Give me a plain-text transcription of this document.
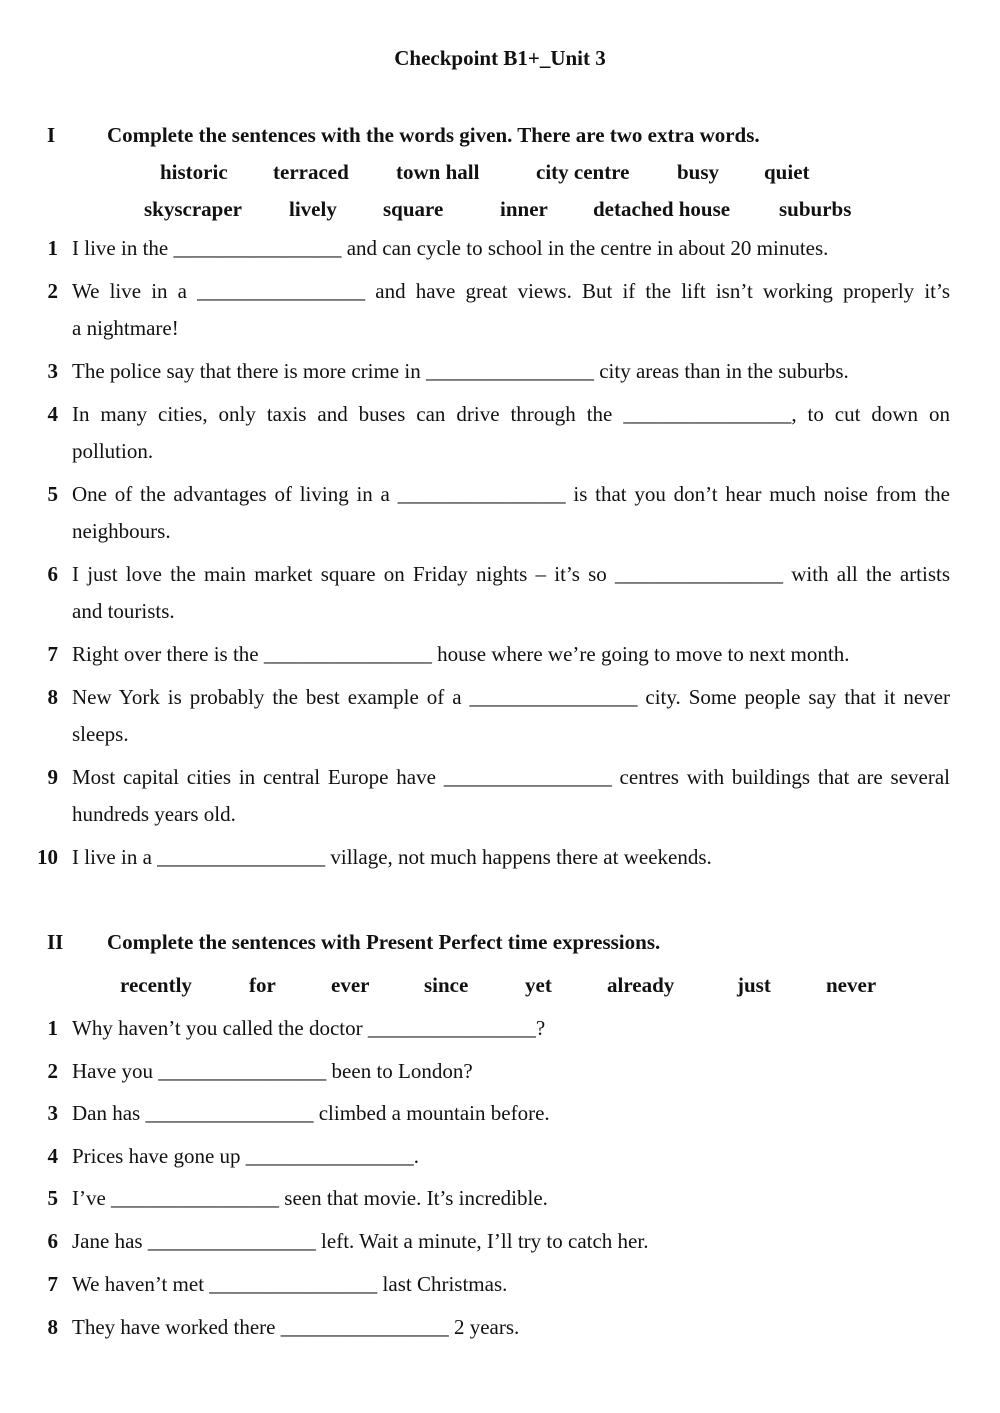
Checkpoint B1+_Unit 3
I Complete the sentences with the words given. There are two extra words.
historic terraced town hall	city centre busy quiet
skyscraper lively square	inner detached house suburbs
1 I live in the ________________ and can cycle to school in the centre in about 20 minutes.
2 We live in a ________________ and have great views. But if the lift isn’t working properly it’s
a nightmare!
3 The police say that there is more crime in ________________ city areas than in the suburbs.
4 In many cities, only taxis and buses can drive through the ________________, to cut down on
pollution.
5 One of the advantages of living in a ________________ is that you don’t hear much noise from the
neighbours.
6 I just love the main market square on Friday nights – it’s so ________________ with all the artists
and tourists.
7 Right over there is the ________________ house where we’re going to move to next month.
8 New York is probably the best example of a ________________ city. Some people say that it never
sleeps.
9 Most capital cities in central Europe have ________________ centres with buildings that are several
hundreds years old.
10 I live in a ________________ village, not much happens there at weekends.
II Complete the sentences with Present Perfect time expressions.
recently	for	ever	since	yet	already	just	never
1 Why haven’t you called the doctor ________________?
2 Have you ________________ been to London?
3 Dan has ________________ climbed a mountain before.
4 Prices have gone up ________________.
5 I’ve ________________ seen that movie. It’s incredible.
6 Jane has ________________ left. Wait a minute, I’ll try to catch her.
7 We haven’t met ________________ last Christmas.
8 They have worked there ________________ 2 years.
